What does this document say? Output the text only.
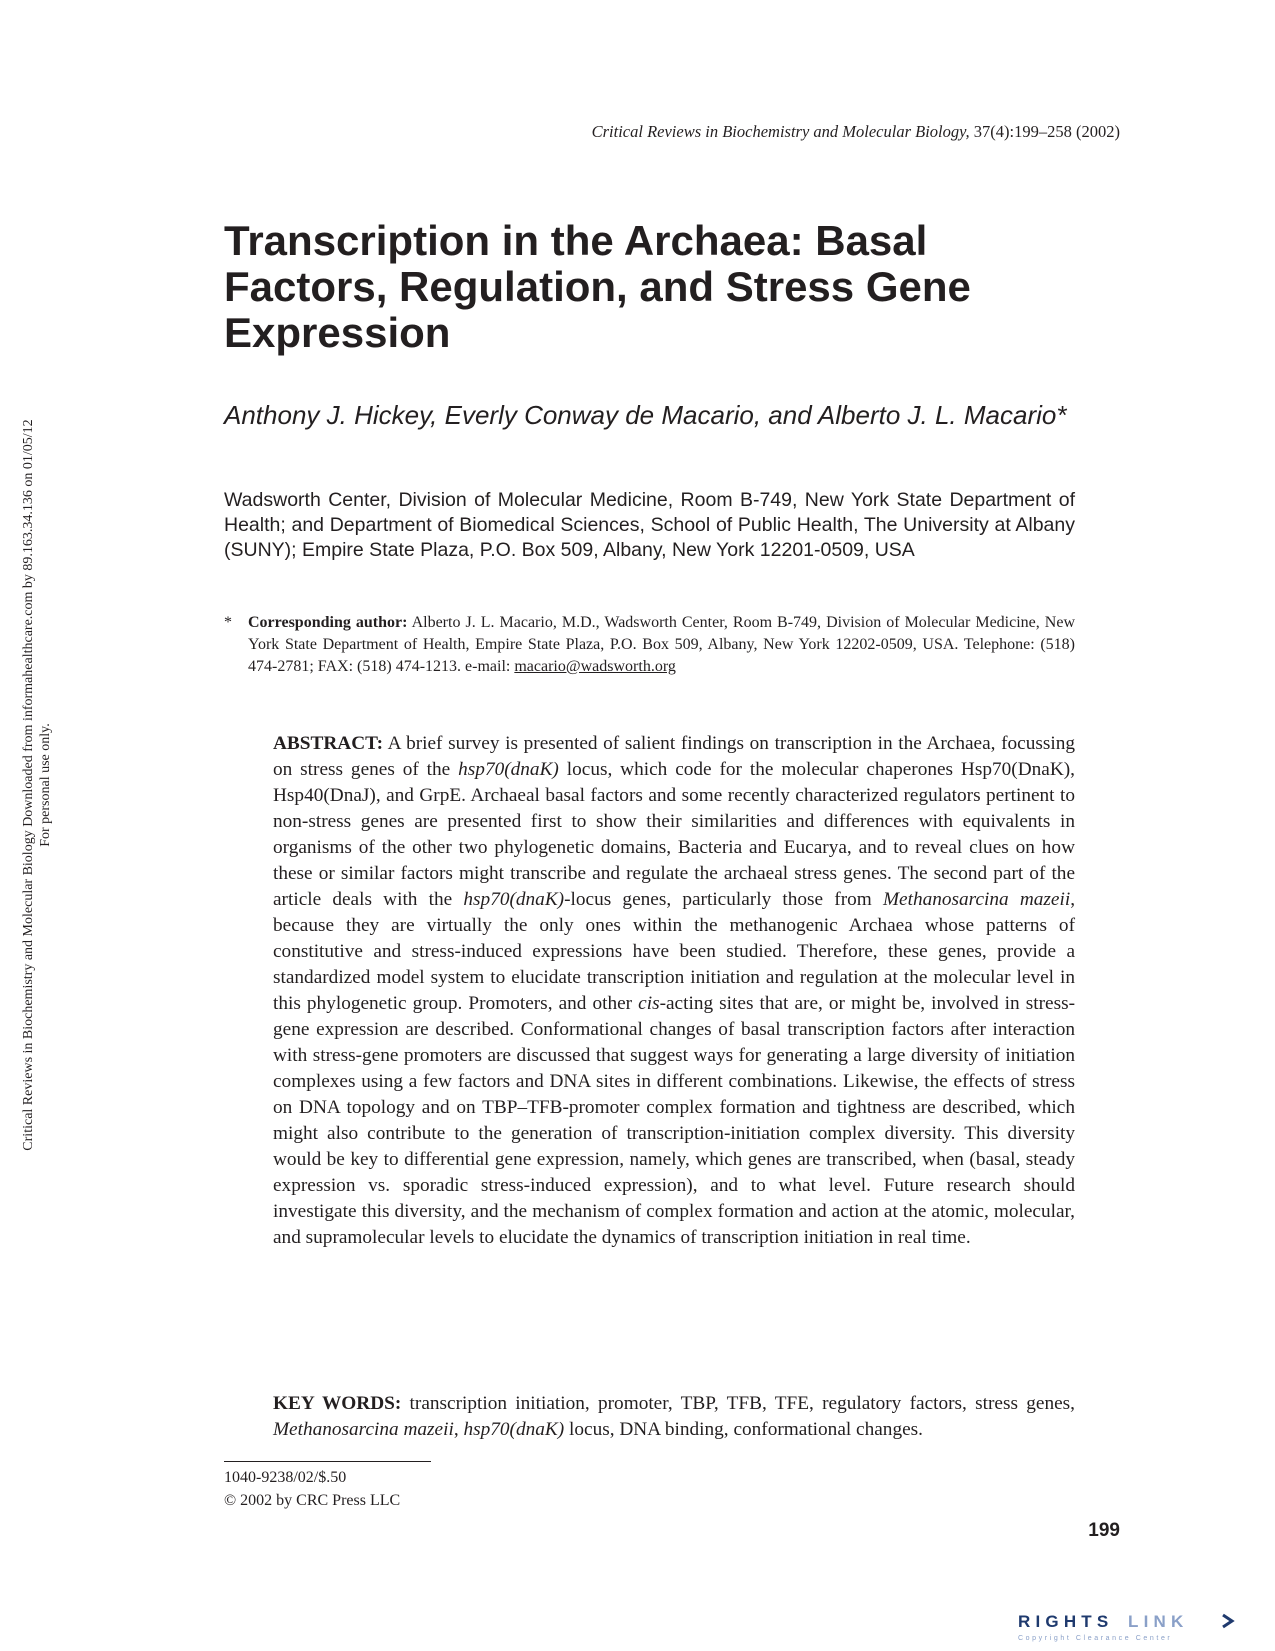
Critical Reviews in Biochemistry and Molecular Biology, 37(4):199–258 (2002)
Transcription in the Archaea: Basal Factors, Regulation, and Stress Gene Expression
Anthony J. Hickey, Everly Conway de Macario, and Alberto J. L. Macario*
Wadsworth Center, Division of Molecular Medicine, Room B-749, New York State Department of Health; and Department of Biomedical Sciences, School of Public Health, The University at Albany (SUNY); Empire State Plaza, P.O. Box 509, Albany, New York 12201-0509, USA
* Corresponding author: Alberto J. L. Macario, M.D., Wadsworth Center, Room B-749, Division of Molecular Medicine, New York State Department of Health, Empire State Plaza, P.O. Box 509, Albany, New York 12202-0509, USA. Telephone: (518) 474-2781; FAX: (518) 474-1213. e-mail: macario@wadsworth.org
ABSTRACT: A brief survey is presented of salient findings on transcription in the Archaea, focussing on stress genes of the hsp70(dnaK) locus, which code for the molecular chaperones Hsp70(DnaK), Hsp40(DnaJ), and GrpE. Archaeal basal factors and some recently characterized regulators pertinent to non-stress genes are presented first to show their similarities and differences with equivalents in organisms of the other two phylogenetic domains, Bacteria and Eucarya, and to reveal clues on how these or similar factors might transcribe and regulate the archaeal stress genes. The second part of the article deals with the hsp70(dnaK)-locus genes, particularly those from Methanosarcina mazeii, because they are virtually the only ones within the methanogenic Archaea whose patterns of constitutive and stress-induced expressions have been studied. Therefore, these genes, provide a standardized model system to elucidate transcription initiation and regulation at the molecular level in this phylogenetic group. Promoters, and other cis-acting sites that are, or might be, involved in stress-gene expression are described. Conformational changes of basal transcription factors after interaction with stress-gene promoters are discussed that suggest ways for generating a large diversity of initiation complexes using a few factors and DNA sites in different combinations. Likewise, the effects of stress on DNA topology and on TBP–TFB-promoter complex formation and tightness are described, which might also contribute to the generation of transcription-initiation complex diversity. This diversity would be key to differential gene expression, namely, which genes are transcribed, when (basal, steady expression vs. sporadic stress-induced expression), and to what level. Future research should investigate this diversity, and the mechanism of complex formation and action at the atomic, molecular, and supramolecular levels to elucidate the dynamics of transcription initiation in real time.
KEY WORDS: transcription initiation, promoter, TBP, TFB, TFE, regulatory factors, stress genes, Methanosarcina mazeii, hsp70(dnaK) locus, DNA binding, conformational changes.
1040-9238/02/$.50
© 2002 by CRC Press LLC
199
Critical Reviews in Biochemistry and Molecular Biology Downloaded from informahealthcare.com by 89.163.34.136 on 01/05/12 For personal use only.
RIGHTS LINK
Copyright Clearance Center
